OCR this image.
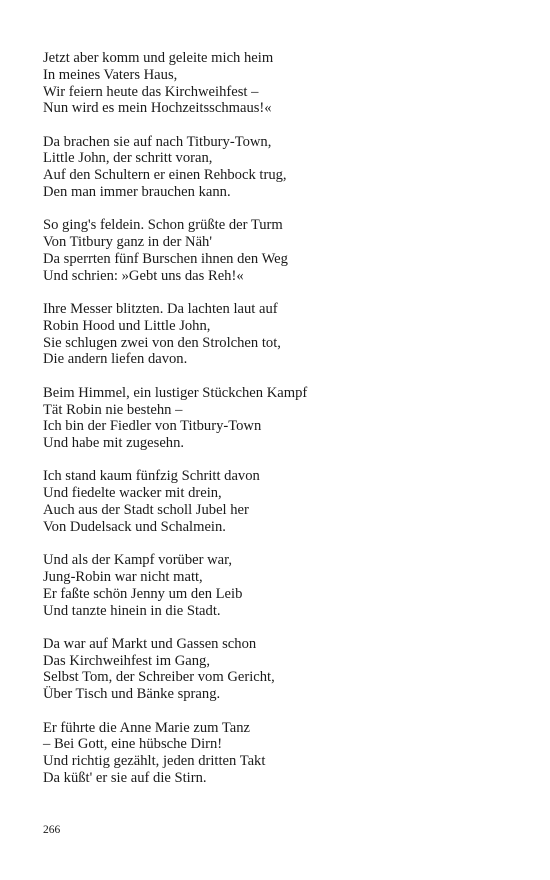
Jetzt aber komm und geleite mich heim
In meines Vaters Haus,
Wir feiern heute das Kirchweihfest –
Nun wird es mein Hochzeitsschmaus!«
Da brachen sie auf nach Titbury-Town,
Little John, der schritt voran,
Auf den Schultern er einen Rehbock trug,
Den man immer brauchen kann.
So ging's feldein. Schon grüßte der Turm
Von Titbury ganz in der Näh'
Da sperrten fünf Burschen ihnen den Weg
Und schrien: »Gebt uns das Reh!«
Ihre Messer blitzten. Da lachten laut auf
Robin Hood und Little John,
Sie schlugen zwei von den Strolchen tot,
Die andern liefen davon.
Beim Himmel, ein lustiger Stückchen Kampf
Tät Robin nie bestehn –
Ich bin der Fiedler von Titbury-Town
Und habe mit zugesehn.
Ich stand kaum fünfzig Schritt davon
Und fiedelte wacker mit drein,
Auch aus der Stadt scholl Jubel her
Von Dudelsack und Schalmein.
Und als der Kampf vorüber war,
Jung-Robin war nicht matt,
Er faßte schön Jenny um den Leib
Und tanzte hinein in die Stadt.
Da war auf Markt und Gassen schon
Das Kirchweihfest im Gang,
Selbst Tom, der Schreiber vom Gericht,
Über Tisch und Bänke sprang.
Er führte die Anne Marie zum Tanz
– Bei Gott, eine hübsche Dirn!
Und richtig gezählt, jeden dritten Takt
Da küßt' er sie auf die Stirn.
266
